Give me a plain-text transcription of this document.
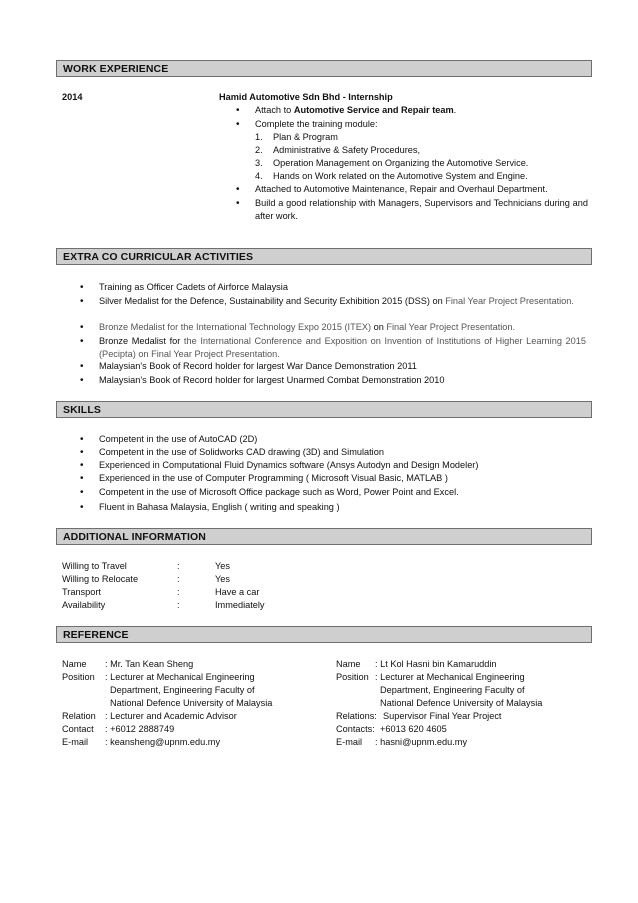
WORK EXPERIENCE
2014	Hamid Automotive Sdn Bhd - Internship
• Attach to Automotive Service and Repair team.
• Complete the training module:
1. Plan & Program
2. Administrative & Safety Procedures,
3. Operation Management on Organizing the Automotive Service.
4. Hands on Work related on the Automotive System and Engine.
• Attached to Automotive Maintenance, Repair and Overhaul Department.
• Build a good relationship with Managers, Supervisors and Technicians during and after work.
EXTRA CO CURRICULAR ACTIVITIES
• Training as Officer Cadets of Airforce Malaysia
• Silver Medalist for the Defence, Sustainability and Security Exhibition 2015 (DSS) on Final Year Project Presentation.
• Bronze Medalist for the International Technology Expo 2015 (ITEX) on Final Year Project Presentation.
• Bronze Medalist for the International Conference and Exposition on Invention of Institutions of Higher Learning 2015 (Pecipta) on Final Year Project Presentation.
• Malaysian's Book of Record holder for largest War Dance Demonstration 2011
• Malaysian's Book of Record holder for largest Unarmed Combat Demonstration 2010
SKILLS
• Competent in the use of AutoCAD (2D)
• Competent in the use of Solidworks CAD drawing (3D) and Simulation
• Experienced in Computational Fluid Dynamics software (Ansys Autodyn and Design Modeler)
• Experienced in the use of Computer Programming ( Microsoft Visual Basic, MATLAB )
• Competent in the use of Microsoft Office package such as Word, Power Point and Excel.
• Fluent in Bahasa Malaysia, English ( writing and speaking )
ADDITIONAL INFORMATION
Willing to Travel	:	Yes
Willing to Relocate	:	Yes
Transport	:	Have a car
Availability	:	Immediately
REFERENCE
Name : Mr. Tan Kean Sheng
Position : Lecturer at Mechanical Engineering
Department, Engineering Faculty of
National Defence University of Malaysia
Relation : Lecturer and Academic Advisor
Contact : +6012 2888749
E-mail : keansheng@upnm.edu.my
Name : Lt Kol Hasni bin Kamaruddin
Position : Lecturer at Mechanical Engineering
Department, Engineering Faculty of
National Defence University of Malaysia
Relations: Supervisor Final Year Project
Contacts: +6013 620 4605
E-mail : hasni@upnm.edu.my
